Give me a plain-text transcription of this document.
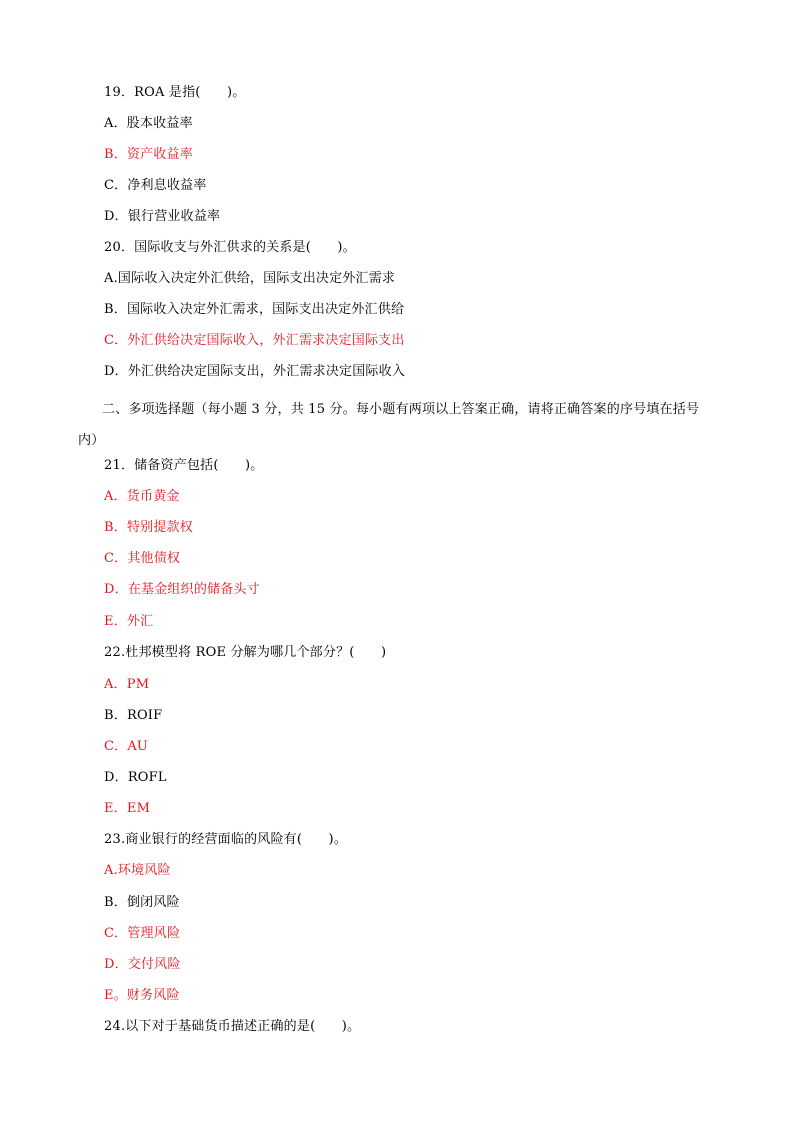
19．ROA 是指(　　)。
A．股本收益率
B．资产收益率
C．净利息收益率
D．银行营业收益率
20．国际收支与外汇供求的关系是(　　)。
A.国际收入决定外汇供给，国际支出决定外汇需求
B．国际收入决定外汇需求，国际支出决定外汇供给
C．外汇供给决定国际收入，外汇需求决定国际支出
D．外汇供给决定国际支出，外汇需求决定国际收入
二、多项选择题（每小题 3 分，共 15 分。每小题有两项以上答案正确，请将正确答案的序号填在括号内）
21．储备资产包括(　　)。
A．货币黄金
B．特别提款权
C．其他债权
D．在基金组织的储备头寸
E．外汇
22.杜邦模型将 ROE 分解为哪几个部分？(　　)
A．PM
B．ROIF
C．AU
D．ROFL
E．EM
23.商业银行的经营面临的风险有(　　)。
A.环境风险
B．倒闭风险
C．管理风险
D．交付风险
E。财务风险
24.以下对于基础货币描述正确的是(　　)。
